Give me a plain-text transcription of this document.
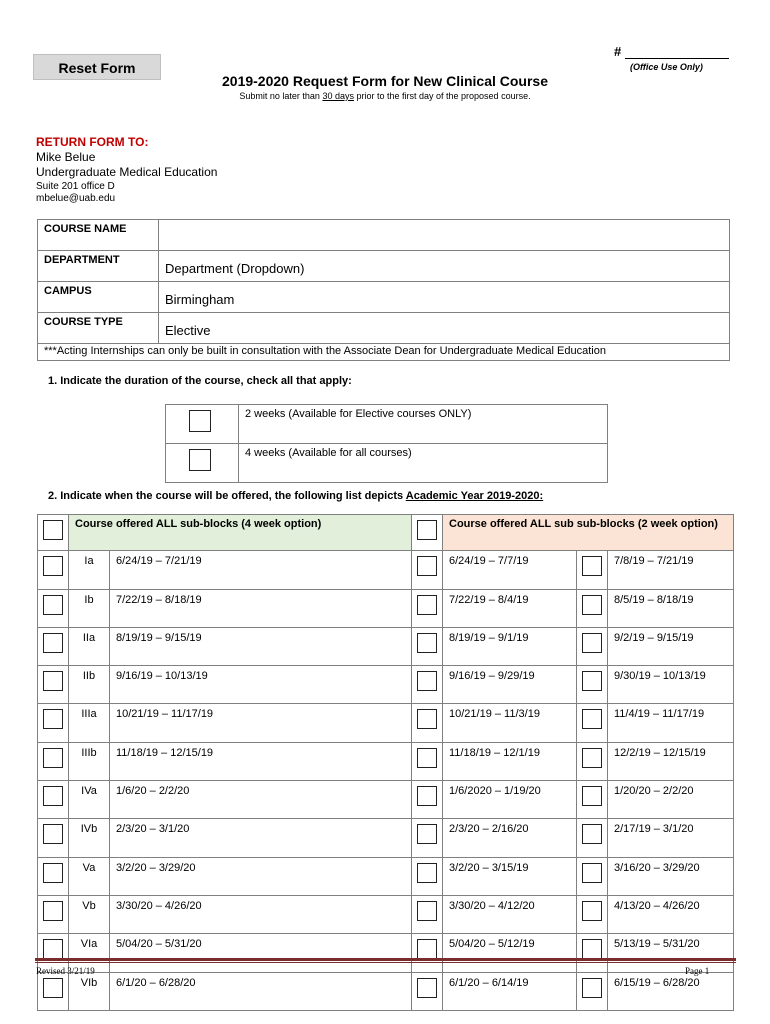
Reset Form
#
(Office Use Only)
2019-2020 Request Form for New Clinical Course
Submit no later than 30 days prior to the first day of the proposed course.
RETURN FORM TO:
Mike Belue
Undergraduate Medical Education
Suite 201 office D
mbelue@uab.edu
COURSE NAME	
DEPARTMENT	Department (Dropdown)
CAMPUS	Birmingham
COURSE TYPE	Elective
***Acting Internships can only be built in consultation with the Associate Dean for Undergraduate Medical Education	
1. Indicate the duration of the course, check all that apply:
	2 weeks (Available for Elective courses ONLY)

	4 weeks (Available for all courses)
2. Indicate when the course will be offered, the following list depicts Academic Year 2019-2020:
	Course offered ALL sub-blocks (4 week option)			Course offered ALL sub sub-blocks (2 week option)		

	Ia	6/24/19 – 7/21/19		6/24/19 – 7/7/19		7/8/19 – 7/21/19

	Ib	7/22/19 – 8/18/19		7/22/19 – 8/4/19		8/5/19 – 8/18/19

	IIa	8/19/19 – 9/15/19		8/19/19 – 9/1/19		9/2/19 – 9/15/19

	IIb	9/16/19 – 10/13/19		9/16/19 – 9/29/19		9/30/19 – 10/13/19

	IIIa	10/21/19 – 11/17/19		10/21/19 – 11/3/19		11/4/19 – 11/17/19

	IIIb	11/18/19 – 12/15/19		11/18/19 – 12/1/19		12/2/19 – 12/15/19

	IVa	1/6/20 – 2/2/20		1/6/2020 – 1/19/20		1/20/20 – 2/2/20

	IVb	2/3/20 – 3/1/20		2/3/20 – 2/16/20		2/17/19 – 3/1/20

	Va	3/2/20 – 3/29/20		3/2/20 – 3/15/19		3/16/20 – 3/29/20

	Vb	3/30/20 – 4/26/20		3/30/20 – 4/12/20		4/13/20 – 4/26/20

	VIa	5/04/20 – 5/31/20		5/04/20 – 5/12/19		5/13/19 – 5/31/20

	VIb	6/1/20 – 6/28/20		6/1/20 – 6/14/19		6/15/19 – 6/28/20
Revised 3/21/19	Page 1
